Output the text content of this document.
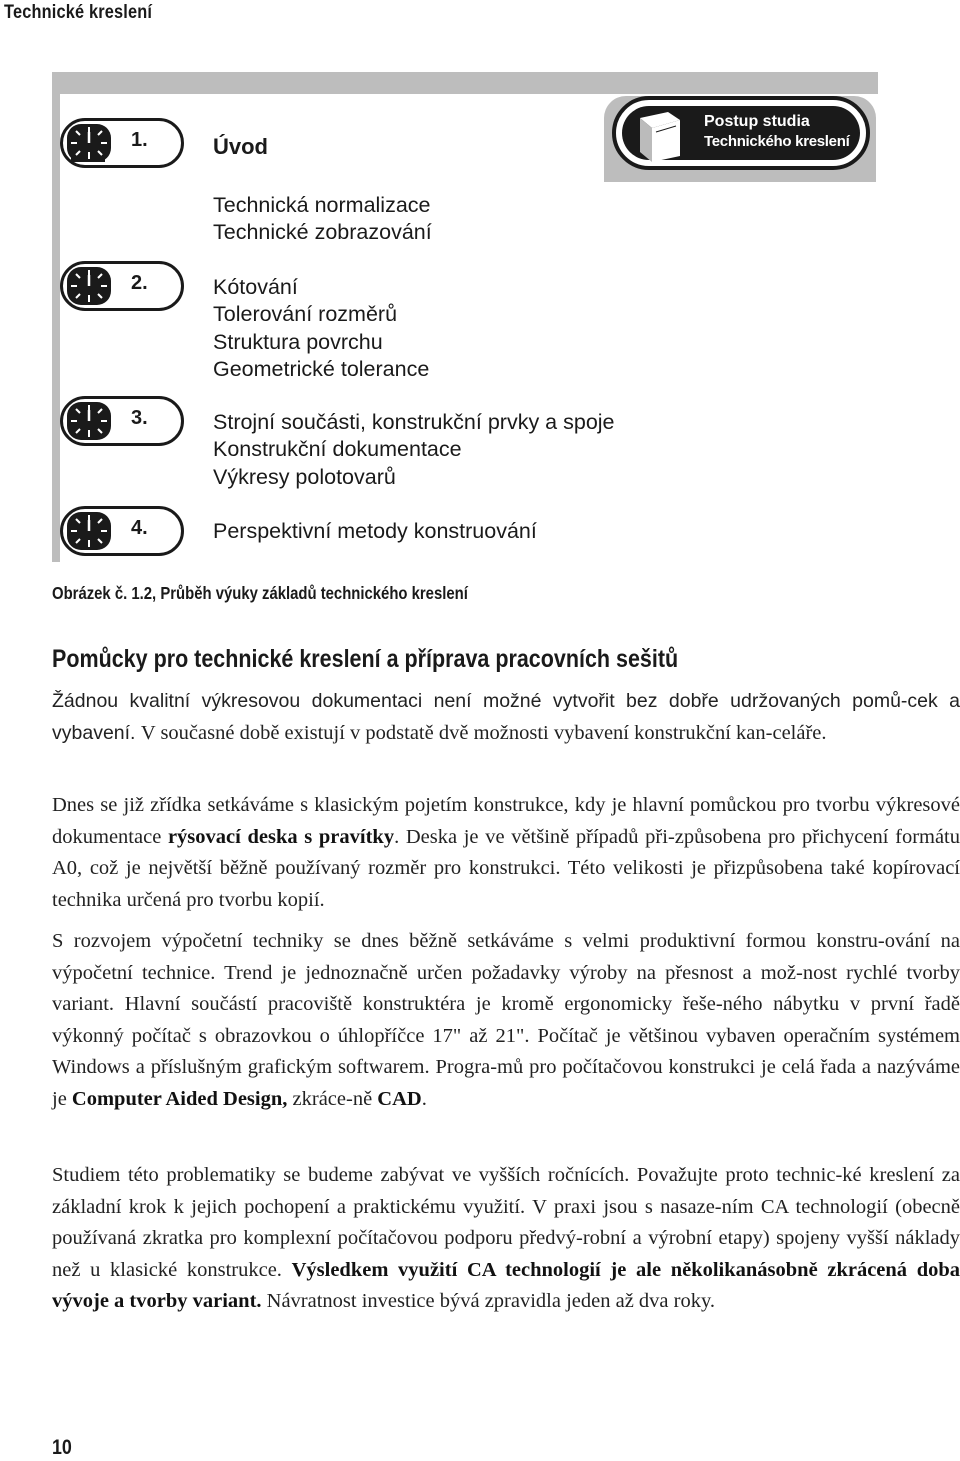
Technické kreslení
Postup studia
Technického kreslení
1.	Úvod
Technická normalizace
Technické zobrazování
2.	Kótování
Tolerování rozměrů
Struktura povrchu
Geometrické tolerance
3.	Strojní součásti, konstrukční prvky a spoje
Konstrukční dokumentace
Výkresy polotovarů
4.	Perspektivní metody konstruování
Obrázek č. 1.2, Průběh výuky základů technického kreslení
Pomůcky pro technické kreslení a příprava pracovních sešitů
Žádnou kvalitní výkresovou dokumentaci není možné vytvořit bez dobře udržovaných pomů-cek a vybavení. V současné době existují v podstatě dvě možnosti vybavení konstrukční kan-celáře.
Dnes se již zřídka setkáváme s klasickým pojetím konstrukce, kdy je hlavní pomůckou pro tvorbu výkresové dokumentace rýsovací deska s pravítky. Deska je ve většině případů při-způsobena pro přichycení formátu A0, což je největší běžně používaný rozměr pro konstrukci. Této velikosti je přizpůsobena také kopírovací technika určená pro tvorbu kopií.
S rozvojem výpočetní techniky se dnes běžně setkáváme s velmi produktivní formou konstru-ování na výpočetní technice. Trend je jednoznačně určen požadavky výroby na přesnost a mož-nost rychlé tvorby variant. Hlavní součástí pracoviště konstruktéra je kromě ergonomicky řeše-ného nábytku v první řadě výkonný počítač s obrazovkou o úhlopříčce 17" až 21". Počítač je většinou vybaven operačním systémem Windows a příslušným grafickým softwarem. Progra-mů pro počítačovou konstrukci je celá řada a nazýváme je Computer Aided Design, zkráce-ně CAD.
Studiem této problematiky se budeme zabývat ve vyšších ročnících. Považujte proto technic-ké kreslení za základní krok k jejich pochopení a praktickému využití. V praxi jsou s nasaze-ním CA technologií (obecně používaná zkratka pro komplexní počítačovou podporu předvý-robní a výrobní etapy) spojeny vyšší náklady než u klasické konstrukce. Výsledkem využití CA technologií je ale několikanásobně zkrácená doba vývoje a tvorby variant. Návratnost investice bývá zpravidla jeden až dva roky.
10
